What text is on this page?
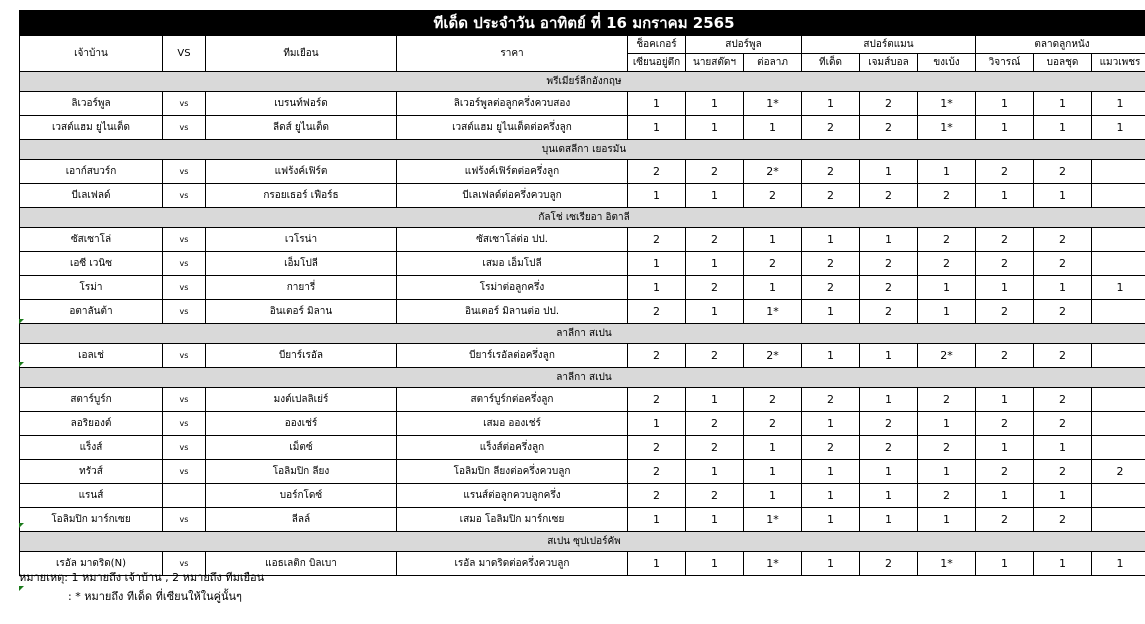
ทีเด็ด ประจำวัน อาทิตย์ ที่ 16 มกราคม 2565												
เจ้าบ้าน	VS	ทีมเยือน	ราคา	ช็อคเกอร์	สปอร์พูล		สปอร์ตแมน			ตลาดลูกหนัง		
				เซียนอยู่ตึก	นายสต๊ดฯ	ต่อลาภ	ทีเด็ด	เจมส์บอล	ขงเบ้ง	วิจารณ์	บอลชุด	แมวเพชร
พรีเมียร์ลีกอังกฤษ												
ลิเวอร์พูล	vs	เบรนท์ฟอร์ด	ลิเวอร์พูลต่อลูกครึ่งควบสอง	1	1	1*	1	2	1*	1	1	1
เวสต์แฮม ยูไนเต็ด	vs	ลีดส์ ยูไนเต็ด	เวสต์แฮม ยูไนเต็ดต่อครึ่งลูก	1	1	1	2	2	1*	1	1	1
บุนเดสลีกา เยอรมัน												
เอาก์สบวร์ก	vs	แฟร้งค์เฟิร์ต	แฟร้งค์เฟิร์ตต่อครึ่งลูก	2	2	2*	2	1	1	2	2	
บีเลเฟลด์	vs	กรอยเธอร์ เฟือร์ธ	บีเลเฟลด์ต่อครึ่งควบลูก	1	1	2	2	2	2	1	1	
กัลโช่ เซเรียอา อิตาลี												
ซัสเซาโล่	vs	เวโรน่า	ซัสเซาโล่ต่อ ปป.	2	2	1	1	1	2	2	2	
เอซี เวนิซ	vs	เอ็มโปลี	เสมอ เอ็มโปลี	1	1	2	2	2	2	2	2	
โรม่า	vs	กายารี่	โรม่าต่อลูกครึ่ง	1	2	1	2	2	1	1	1	1
อตาลันต้า	vs	อินเตอร์ มิลาน	อินเตอร์ มิลานต่อ ปป.	2	1	1*	1	2	1	2	2	
ลาลีกา สเปน												
เอลเช่	vs	บียาร์เรอัล	บียาร์เรอัลต่อครึ่งลูก	2	2	2*	1	1	2*	2	2	
ลาลีกา สเปน												
สตาร์บูร์ก	vs	มงต์เปลลิเย่ร์	สตาร์บูร์กต่อครึ่งลูก	2	1	2	2	1	2	1	2	
ลอริยองต์	vs	อองเช่ร์	เสมอ อองเช่ร์	1	2	2	1	2	1	2	2	
แร็งส์	vs	เม็ตซ์	แร็งส์ต่อครึ่งลูก	2	2	1	2	2	2	1	1	
ทรัวส์	vs	โอลิมปิก ลียง	โอลิมปิก ลียงต่อครึ่งควบลูก	2	1	1	1	1	1	2	2	2
แรนส์		บอร์กโดซ์	แรนส์ต่อลูกควบลูกครึ่ง	2	2	1	1	1	2	1	1	
โอลิมปิก มาร์กเซย	vs	ลีลล์	เสมอ โอลิมปิก มาร์กเซย	1	1	1*	1	1	1	2	2	
สเปน ซุปเปอร์คัพ												
เรอัล มาดริด(N)	vs	แอธเลติก บิลเบา	เรอัล มาดริดต่อครึ่งควบลูก	1	1	1*	1	2	1*	1	1	1
หมายเหตุ: 1 หมายถึง เจ้าบ้าน , 2 หมายถึง ทีมเยือน
: * หมายถึง ทีเด็ด ที่เซียนให้ในคู่นั้นๆ
